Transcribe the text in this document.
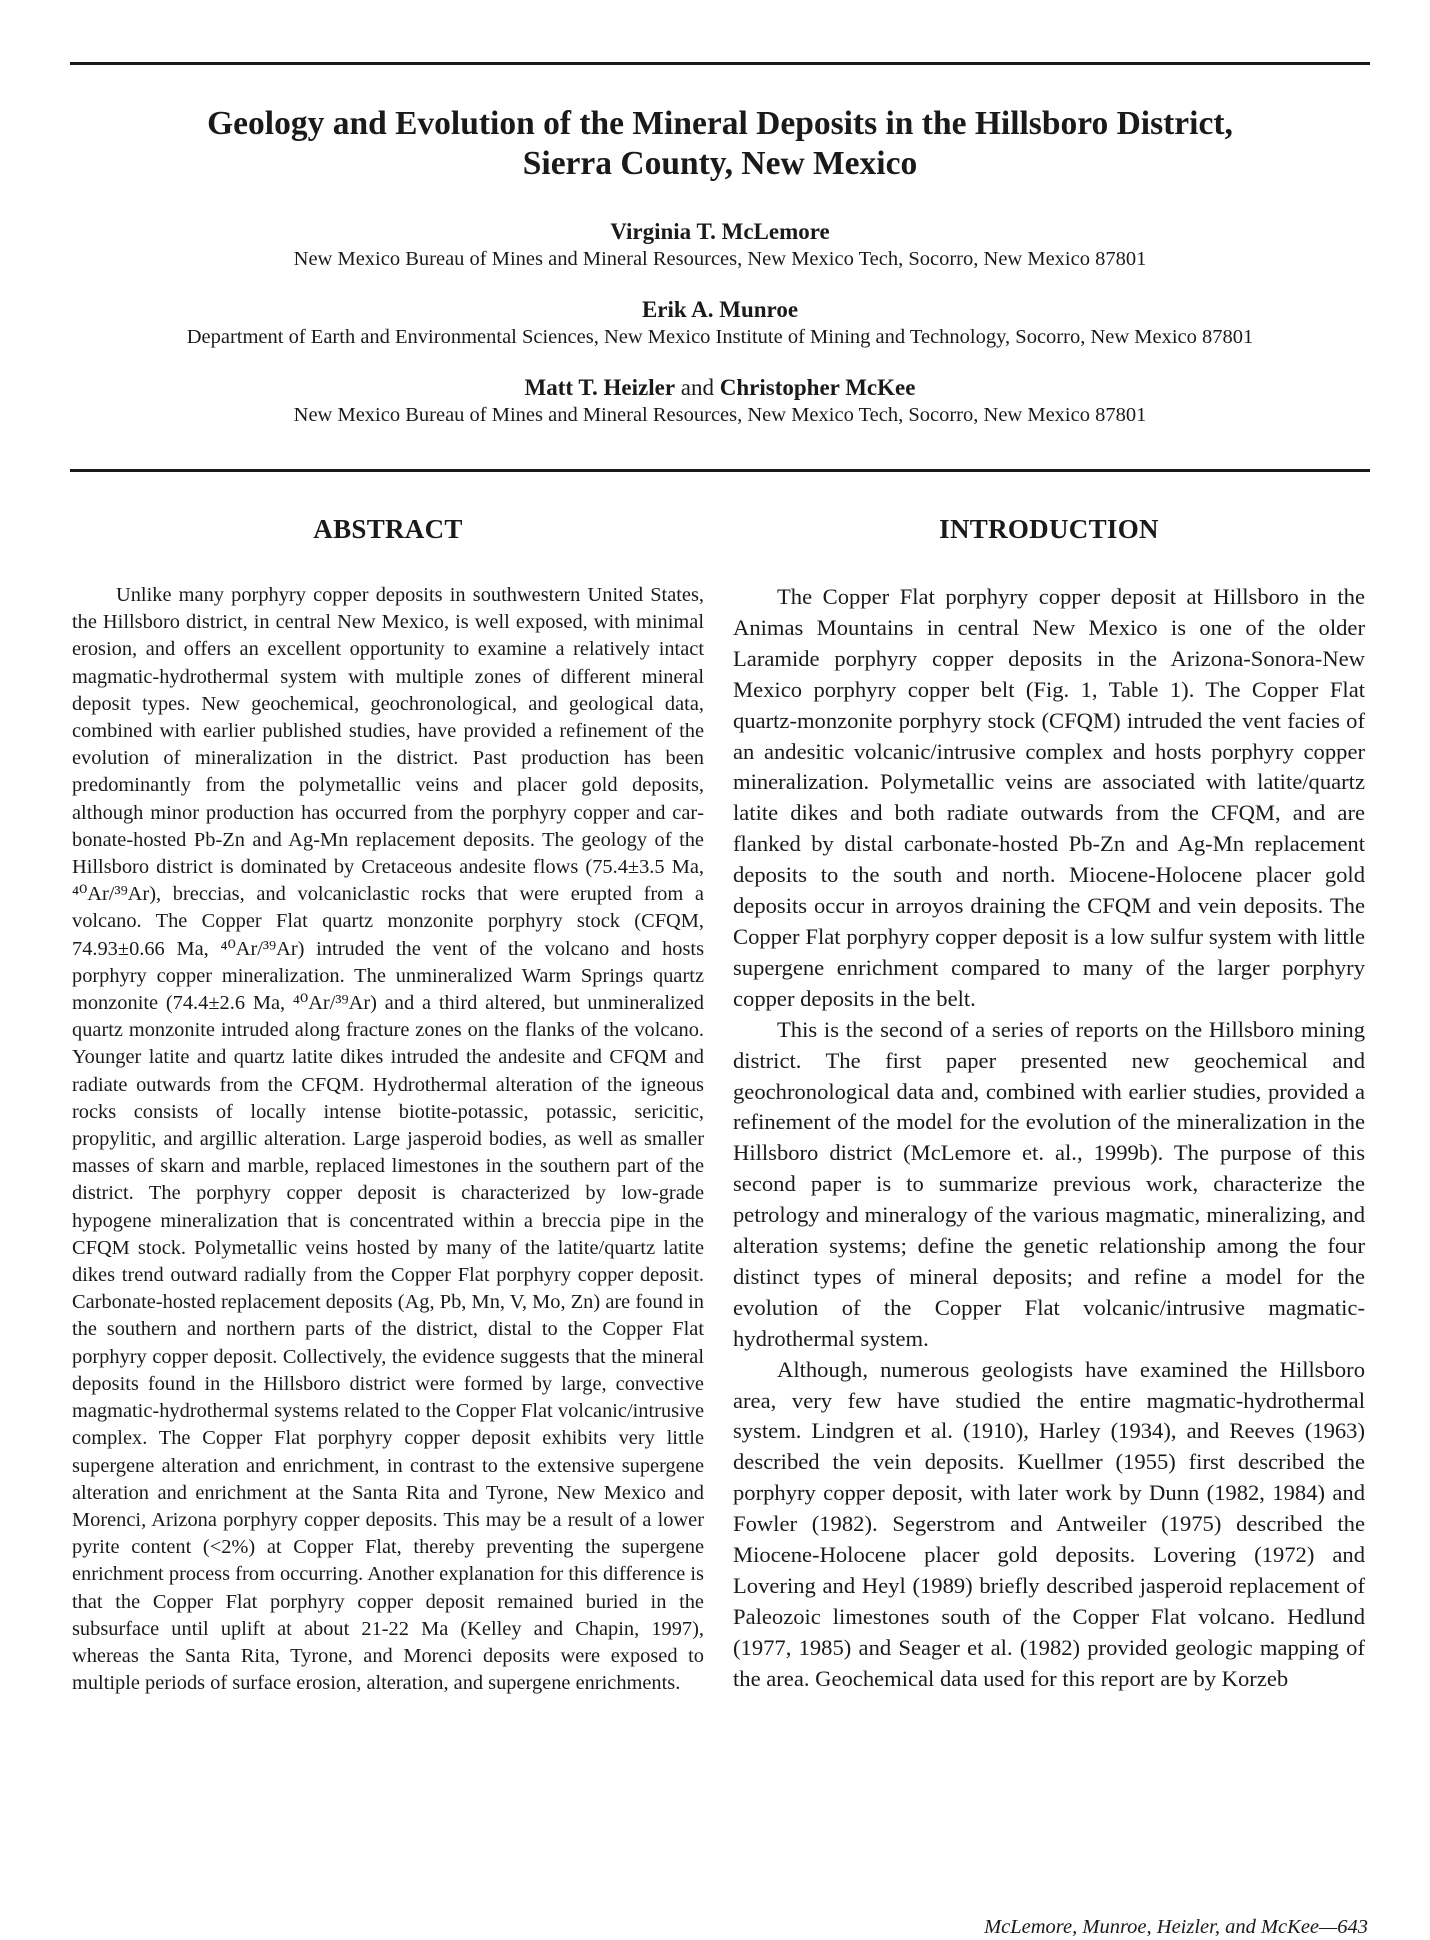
Geology and Evolution of the Mineral Deposits in the Hillsboro District,
Sierra County, New Mexico
Virginia T. McLemore
New Mexico Bureau of Mines and Mineral Resources, New Mexico Tech, Socorro, New Mexico 87801
Erik A. Munroe
Department of Earth and Environmental Sciences, New Mexico Institute of Mining and Technology, Socorro, New Mexico 87801
Matt T. Heizler and Christopher McKee
New Mexico Bureau of Mines and Mineral Resources, New Mexico Tech, Socorro, New Mexico 87801
ABSTRACT

Unlike many porphyry copper deposits in southwestern United States, the Hillsboro district, in central New Mexico, is well exposed, with minimal erosion, and offers an excellent opportunity to examine a relatively intact magmatic-hydrothermal system with multiple zones of different mineral deposit types. New geochemical, geochronological, and geological data, combined with earlier published studies, have provided a refinement of the evolution of mineralization in the district. Past production has been predominantly from the polymetallic veins and placer gold deposits, although minor production has occurred from the porphyry copper and carbonate-hosted Pb-Zn and Ag-Mn replacement deposits. The geology of the Hillsboro district is dominated by Cretaceous andesite flows (75.4±3.5 Ma, ⁴⁰Ar/³⁹Ar), breccias, and volcaniclastic rocks that were erupted from a volcano. The Copper Flat quartz monzonite porphyry stock (CFQM, 74.93±0.66 Ma, ⁴⁰Ar/³⁹Ar) intruded the vent of the volcano and hosts porphyry copper mineralization. The unmineralized Warm Springs quartz monzonite (74.4±2.6 Ma, ⁴⁰Ar/³⁹Ar) and a third altered, but unmineralized quartz monzonite intruded along fracture zones on the flanks of the volcano. Younger latite and quartz latite dikes intruded the andesite and CFQM and radiate outwards from the CFQM. Hydrothermal alteration of the igneous rocks consists of locally intense biotite-potassic, potassic, sericitic, propylitic, and argillic alteration. Large jasperoid bodies, as well as smaller masses of skarn and marble, replaced limestones in the southern part of the district. The porphyry copper deposit is characterized by low-grade hypogene mineralization that is concentrated within a breccia pipe in the CFQM stock. Polymetallic veins hosted by many of the latite/quartz latite dikes trend outward radially from the Copper Flat porphyry copper deposit. Carbonate-hosted replacement deposits (Ag, Pb, Mn, V, Mo, Zn) are found in the southern and northern parts of the district, distal to the Copper Flat porphyry copper deposit. Collectively, the evidence suggests that the mineral deposits found in the Hillsboro district were formed by large, convective magmatic-hydrothermal systems related to the Copper Flat volcanic/intrusive complex. The Copper Flat porphyry copper deposit exhibits very little supergene alteration and enrichment, in contrast to the extensive supergene alteration and enrichment at the Santa Rita and Tyrone, New Mexico and Morenci, Arizona porphyry copper deposits. This may be a result of a lower pyrite content (<2%) at Copper Flat, thereby preventing the supergene enrichment process from occurring. Another explanation for this difference is that the Copper Flat porphyry copper deposit remained buried in the subsurface until uplift at about 21-22 Ma (Kelley and Chapin, 1997), whereas the Santa Rita, Tyrone, and Morenci deposits were exposed to multiple periods of surface erosion, alteration, and supergene enrichments.

INTRODUCTION

The Copper Flat porphyry copper deposit at Hillsboro in the Animas Mountains in central New Mexico is one of the older Laramide porphyry copper deposits in the Arizona-Sonora-New Mexico porphyry copper belt (Fig. 1, Table 1). The Copper Flat quartz-monzonite porphyry stock (CFQM) intruded the vent facies of an andesitic volcanic/intrusive complex and hosts porphyry copper mineralization. Polymetallic veins are associated with latite/quartz latite dikes and both radiate outwards from the CFQM, and are flanked by distal carbonate-hosted Pb-Zn and Ag-Mn replacement deposits to the south and north. Miocene-Holocene placer gold deposits occur in arroyos draining the CFQM and vein deposits. The Copper Flat porphyry copper deposit is a low sulfur system with little supergene enrichment compared to many of the larger porphyry copper deposits in the belt.

This is the second of a series of reports on the Hillsboro mining district. The first paper presented new geochemical and geochronological data and, combined with earlier studies, provided a refinement of the model for the evolution of the mineralization in the Hillsboro district (McLemore et. al., 1999b). The purpose of this second paper is to summarize previous work, characterize the petrology and mineralogy of the various magmatic, mineralizing, and alteration systems; define the genetic relationship among the four distinct types of mineral deposits; and refine a model for the evolution of the Copper Flat volcanic/intrusive magmatic-hydrothermal system.

Although, numerous geologists have examined the Hillsboro area, very few have studied the entire magmatic-hydrothermal system. Lindgren et al. (1910), Harley (1934), and Reeves (1963) described the vein deposits. Kuellmer (1955) first described the porphyry copper deposit, with later work by Dunn (1982, 1984) and Fowler (1982). Segerstrom and Antweiler (1975) described the Miocene-Holocene placer gold deposits. Lovering (1972) and Lovering and Heyl (1989) briefly described jasperoid replacement of Paleozoic limestones south of the Copper Flat volcano. Hedlund (1977, 1985) and Seager et al. (1982) provided geologic mapping of the area. Geochemical data used for this report are by Korzeb

McLemore, Munroe, Heizler, and McKee—643
